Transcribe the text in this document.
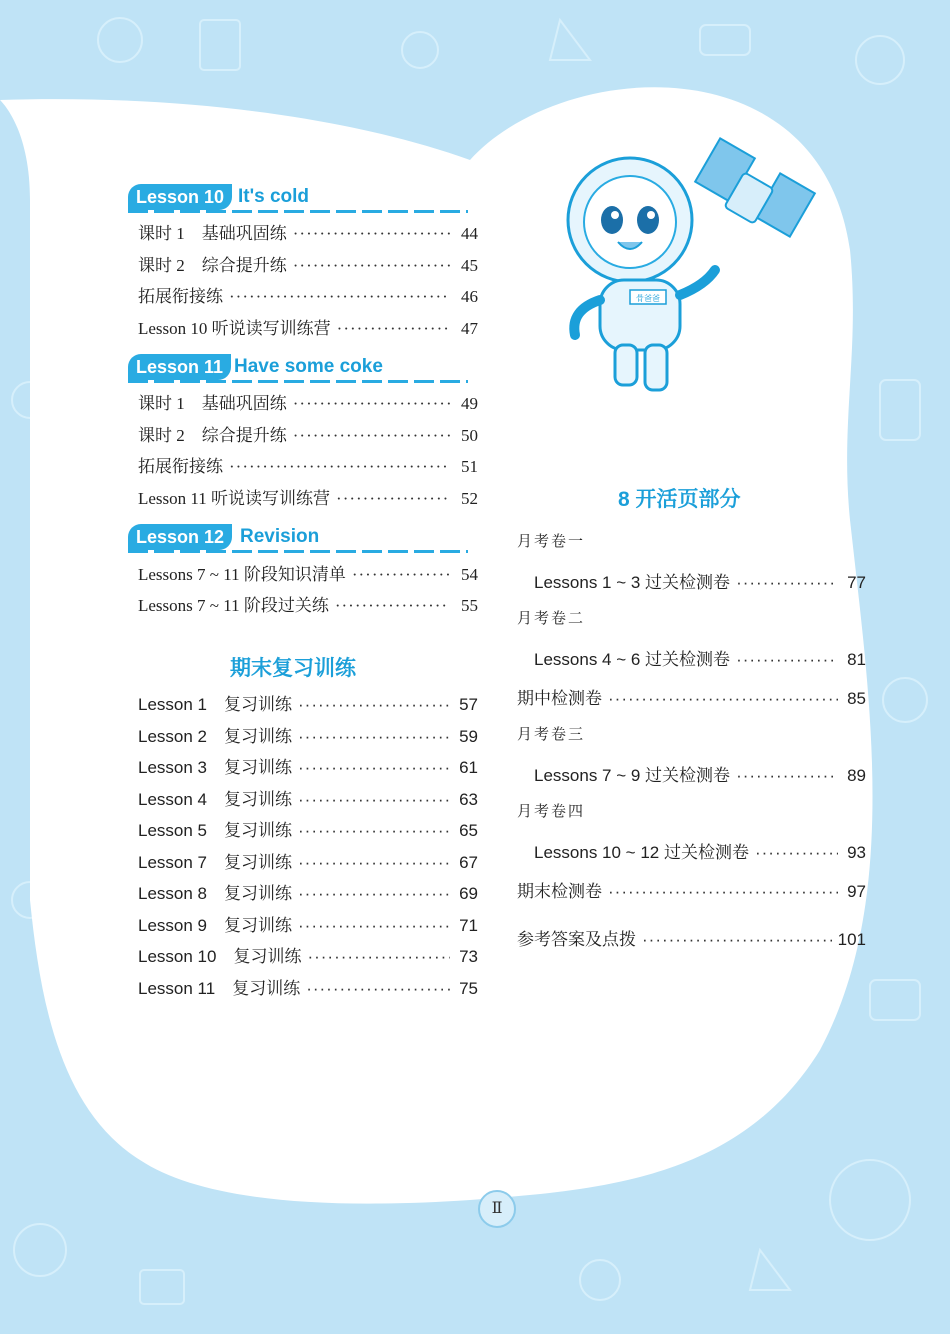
骨爸爸
Lesson 10 It's cold
课时 1　基础巩固练 ·····	44
课时 2　综合提升练 ·····	45
拓展衔接练 ·····	46
Lesson 10 听说读写训练营 ·····	47
Lesson 11 Have some coke
课时 1　基础巩固练 ·····	49
课时 2　综合提升练 ·····	50
拓展衔接练 ·····	51
Lesson 11 听说读写训练营 ·····	52
Lesson 12 Revision
Lessons 7 ~ 11 阶段知识清单 ·····	54
Lessons 7 ~ 11 阶段过关练 ·····	55
期末复习训练
Lesson 1　复习训练 ·····	57
Lesson 2　复习训练 ·····	59
Lesson 3　复习训练 ·····	61
Lesson 4　复习训练 ·····	63
Lesson 5　复习训练 ·····	65
Lesson 7　复习训练 ·····	67
Lesson 8　复习训练 ·····	69
Lesson 9　复习训练 ·····	71
Lesson 10　复习训练 ·····	73
Lesson 11　复习训练 ·····	75
8 开活页部分
月考卷一
Lessons 1 ~ 3 过关检测卷 ·····	77
月考卷二
Lessons 4 ~ 6 过关检测卷 ·····	81
期中检测卷 ·····	85
月考卷三
Lessons 7 ~ 9 过关检测卷 ·····	89
月考卷四
Lessons 10 ~ 12 过关检测卷 ·····	93
期末检测卷 ·····	97
参考答案及点拨 ·····	101
Ⅱ
